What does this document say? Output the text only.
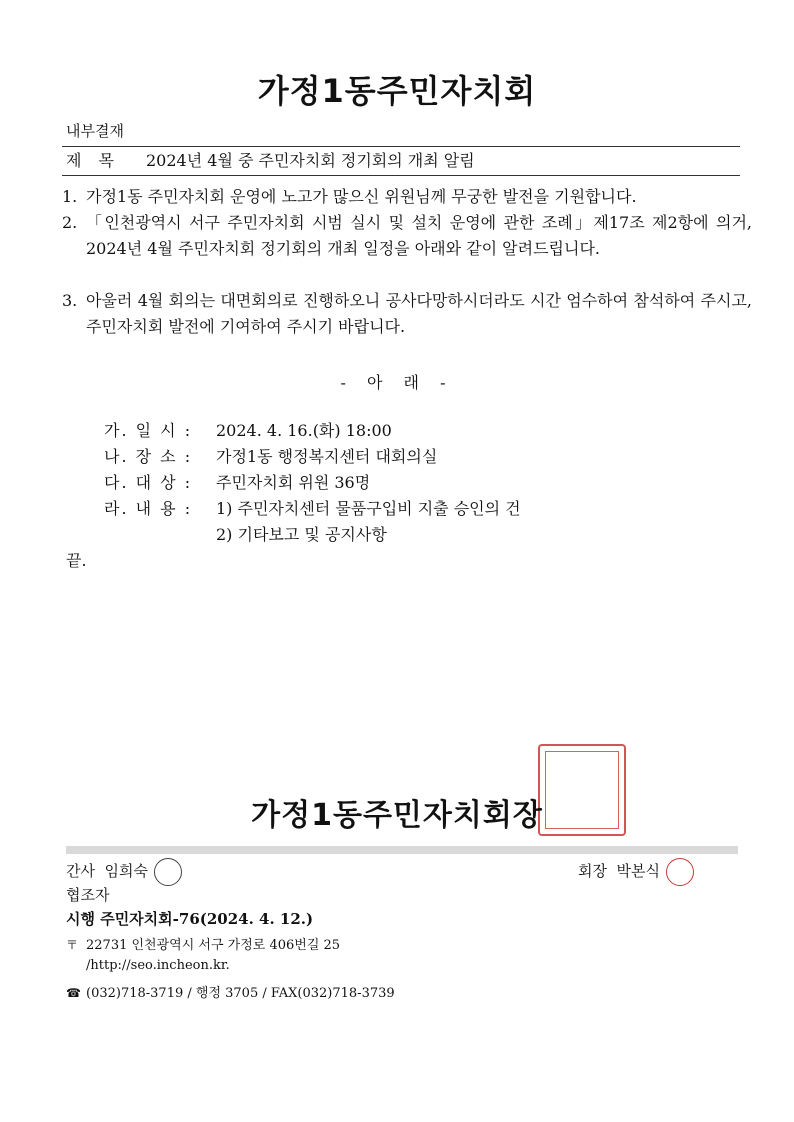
가정1동주민자치회
내부결재
제 목 2024년 4월 중 주민자치회 정기회의 개최 알림
1. 가정1동 주민자치회 운영에 노고가 많으신 위원님께 무궁한 발전을 기원합니다.
2. 「인천광역시 서구 주민자치회 시범 실시 및 설치 운영에 관한 조례」제17조 제2항에 의거, 2024년 4월 주민자치회 정기회의 개최 일정을 아래와 같이 알려드립니다.
3. 아울러 4월 회의는 대면회의로 진행하오니 공사다망하시더라도 시간 엄수하여 참석하여 주시고, 주민자치회 발전에 기여하여 주시기 바랍니다.
- 아 래 -
가. 일 시 : 2024. 4. 16.(화) 18:00
나. 장 소 : 가정1동 행정복지센터 대회의실
다. 대 상 : 주민자치회 위원 36명
라. 내 용 : 1) 주민자치센터 물품구입비 지출 승인의 건
2) 기타보고 및 공지사항
끝.
가정1동주민자치회장
간사 임희숙	회장 박본식
협조자
시행 주민자치회-76(2024. 4. 12.)
〒 22731 인천광역시 서구 가정로 406번길 25
/http://seo.incheon.kr.
☎ (032)718-3719 / 행정 3705 / FAX(032)718-3739
